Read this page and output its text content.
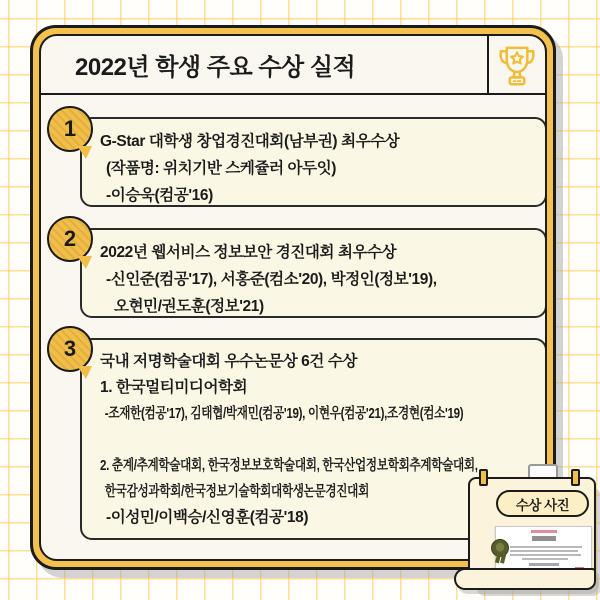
2022년 학생 주요 수상 실적
1
G-Star 대학생 창업경진대회(남부권) 최우수상
(작품명: 위치기반 스케쥴러 아두잇)
-이승욱(컴공'16)
2
2022년 웹서비스 정보보안 경진대회 최우수상
-신인준(컴공'17), 서홍준(컴소'20), 박정인(정보'19),
오현민/권도훈(정보'21)
3
국내 저명학술대회 우수논문상 6건 수상
1. 한국멀티미디어학회
-조재한(컴공'17), 김태협/박재민(컴공'19), 이현우(컴공'21),조경현(컴소'19)
2. 춘계/추계학술대회, 한국정보보호학술대회, 한국산업정보학회추계학술대회,
한국감성과학회/한국정보기술학회대학생논문경진대회
-이성민/이백승/신영훈(컴공'18)
수상 사진
